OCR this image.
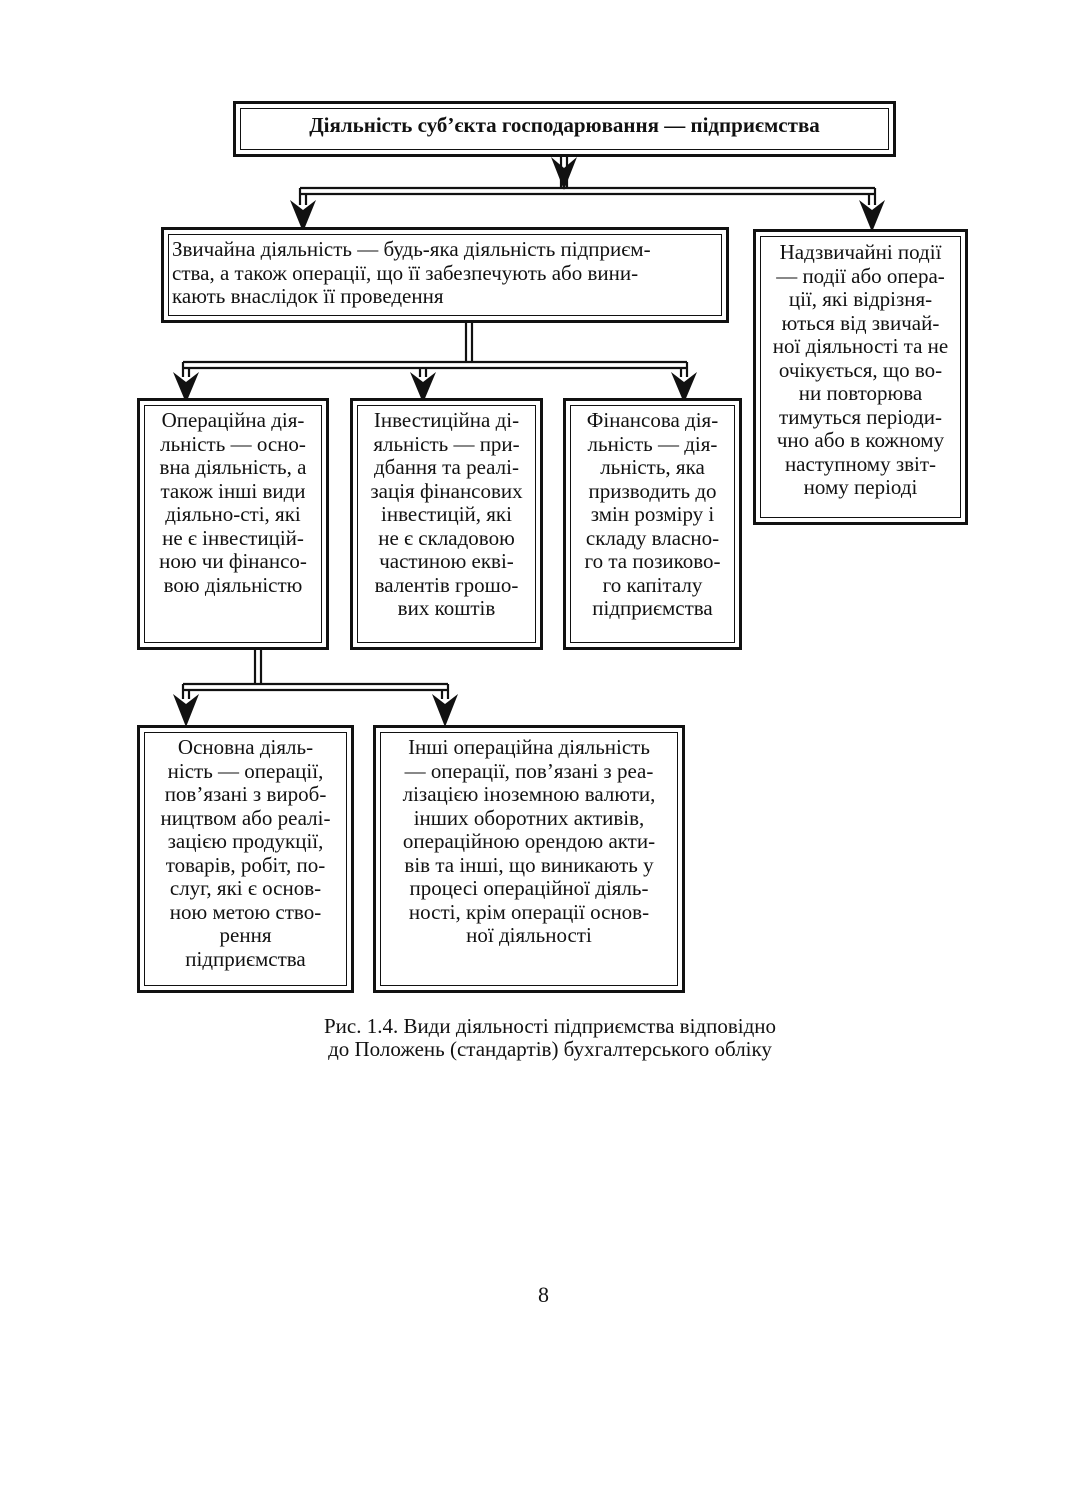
Діяльність суб’єкта господарювання — підприємства
Звичайна діяльність — будь-яка діяльність підприєм-
ства, а також операції, що її забезпечують або вини-
кають внаслідок її проведення
Надзвичайні події
— події або опера-
ції, які відрізня-
ються від звичай-
ної діяльності та не
очікується, що во-
ни повторюва
тимуться періоди-
чно або в кожному
наступному звіт-
ному періоді
Операційна дія-
льність — осно-
вна діяльність, а
також інші види
діяльно-сті, які
не є інвестицій-
ною чи фінансо-
вою діяльністю
Інвестиційна ді-
яльність — при-
дбання та реалі-
зація фінансових
інвестицій, які
не є складовою
частиною екві-
валентів грошо-
вих коштів
Фінансова дія-
льність — дія-
льність, яка
призводить до
змін розміру і
складу власно-
го та позиково-
го капіталу
підприємства
Основна діяль-
ність — операції,
пов’язані з вироб-
ництвом або реалі-
зацією продукції,
товарів, робіт, по-
слуг, які є основ-
ною метою ство-
рення
підприємства
Інші операційна діяльність
— операції, пов’язані з реа-
лізацією іноземною валюти,
інших оборотних активів,
операційною орендою акти-
вів та інші, що виникають у
процесі операційної діяль-
ності, крім операції основ-
ної діяльності
Рис. 1.4. Види діяльності підприємства відповідно
до Положень (стандартів) бухгалтерського обліку
8
